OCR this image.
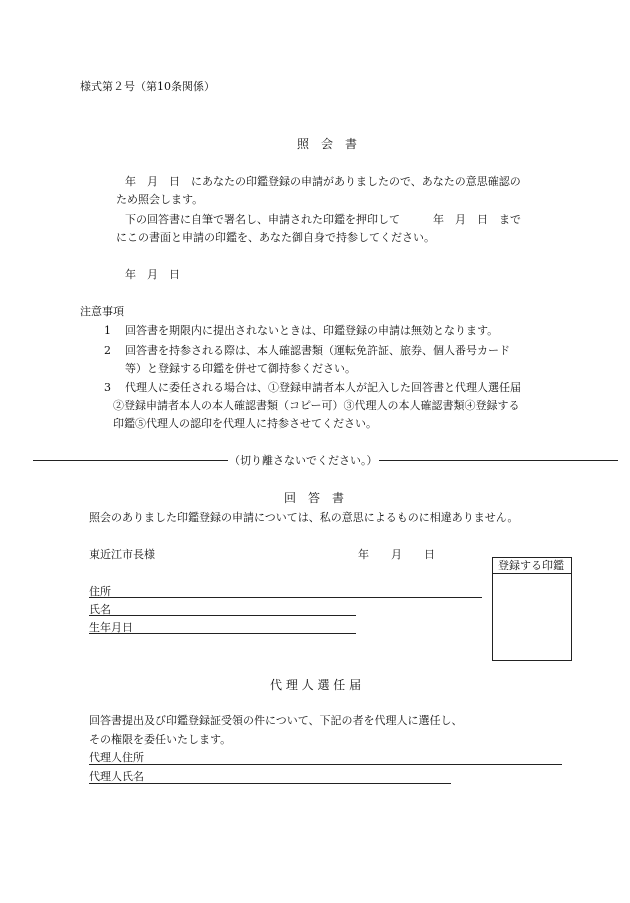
様式第２号（第10条関係）
照　会　書
年　月　日　にあなたの印鑑登録の申請がありましたので、あなたの意思確認の
ため照会します。
下の回答書に自筆で署名し、申請された印鑑を押印して　　　年　月　日　まで
にこの書面と申請の印鑑を、あなた御自身で持参してください。
年　月　日
注意事項
1 回答書を期限内に提出されないときは、印鑑登録の申請は無効となります。
2 回答書を持参される際は、本人確認書類（運転免許証、旅券、個人番号カード
等）と登録する印鑑を併せて御持参ください。
3 代理人に委任される場合は、①登録申請者本人が記入した回答書と代理人選任届
②登録申請者本人の本人確認書類（コピー可）③代理人の本人確認書類④登録する
印鑑⑤代理人の認印を代理人に持参させてください。
（切り離さないでください。）
回　答　書
照会のありました印鑑登録の申請については、私の意思によるものに相違ありません。
東近江市長様	年　　月　　日
登録する印鑑
住所
氏名
生年月日
代 理 人 選 任 届
回答書提出及び印鑑登録証受領の件について、下記の者を代理人に選任し、
その権限を委任いたします。
代理人住所
代理人氏名
